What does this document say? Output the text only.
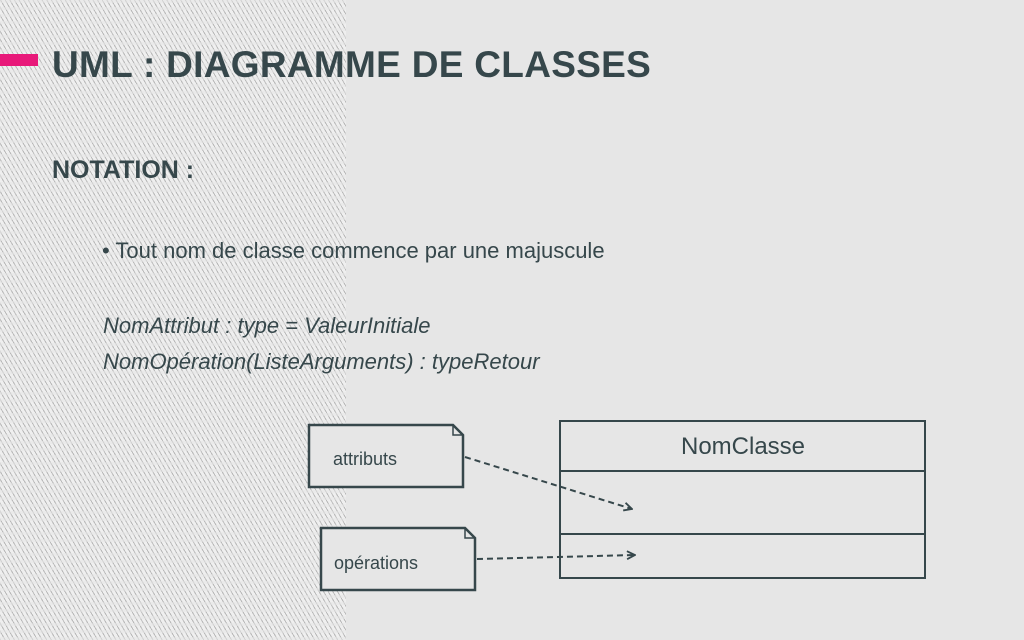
UML : DIAGRAMME DE CLASSES
NOTATION :
• Tout nom de classe commence par une majuscule
NomAttribut : type = ValeurInitiale
NomOpération(ListeArguments) : typeRetour
attributs
opérations
NomClasse
